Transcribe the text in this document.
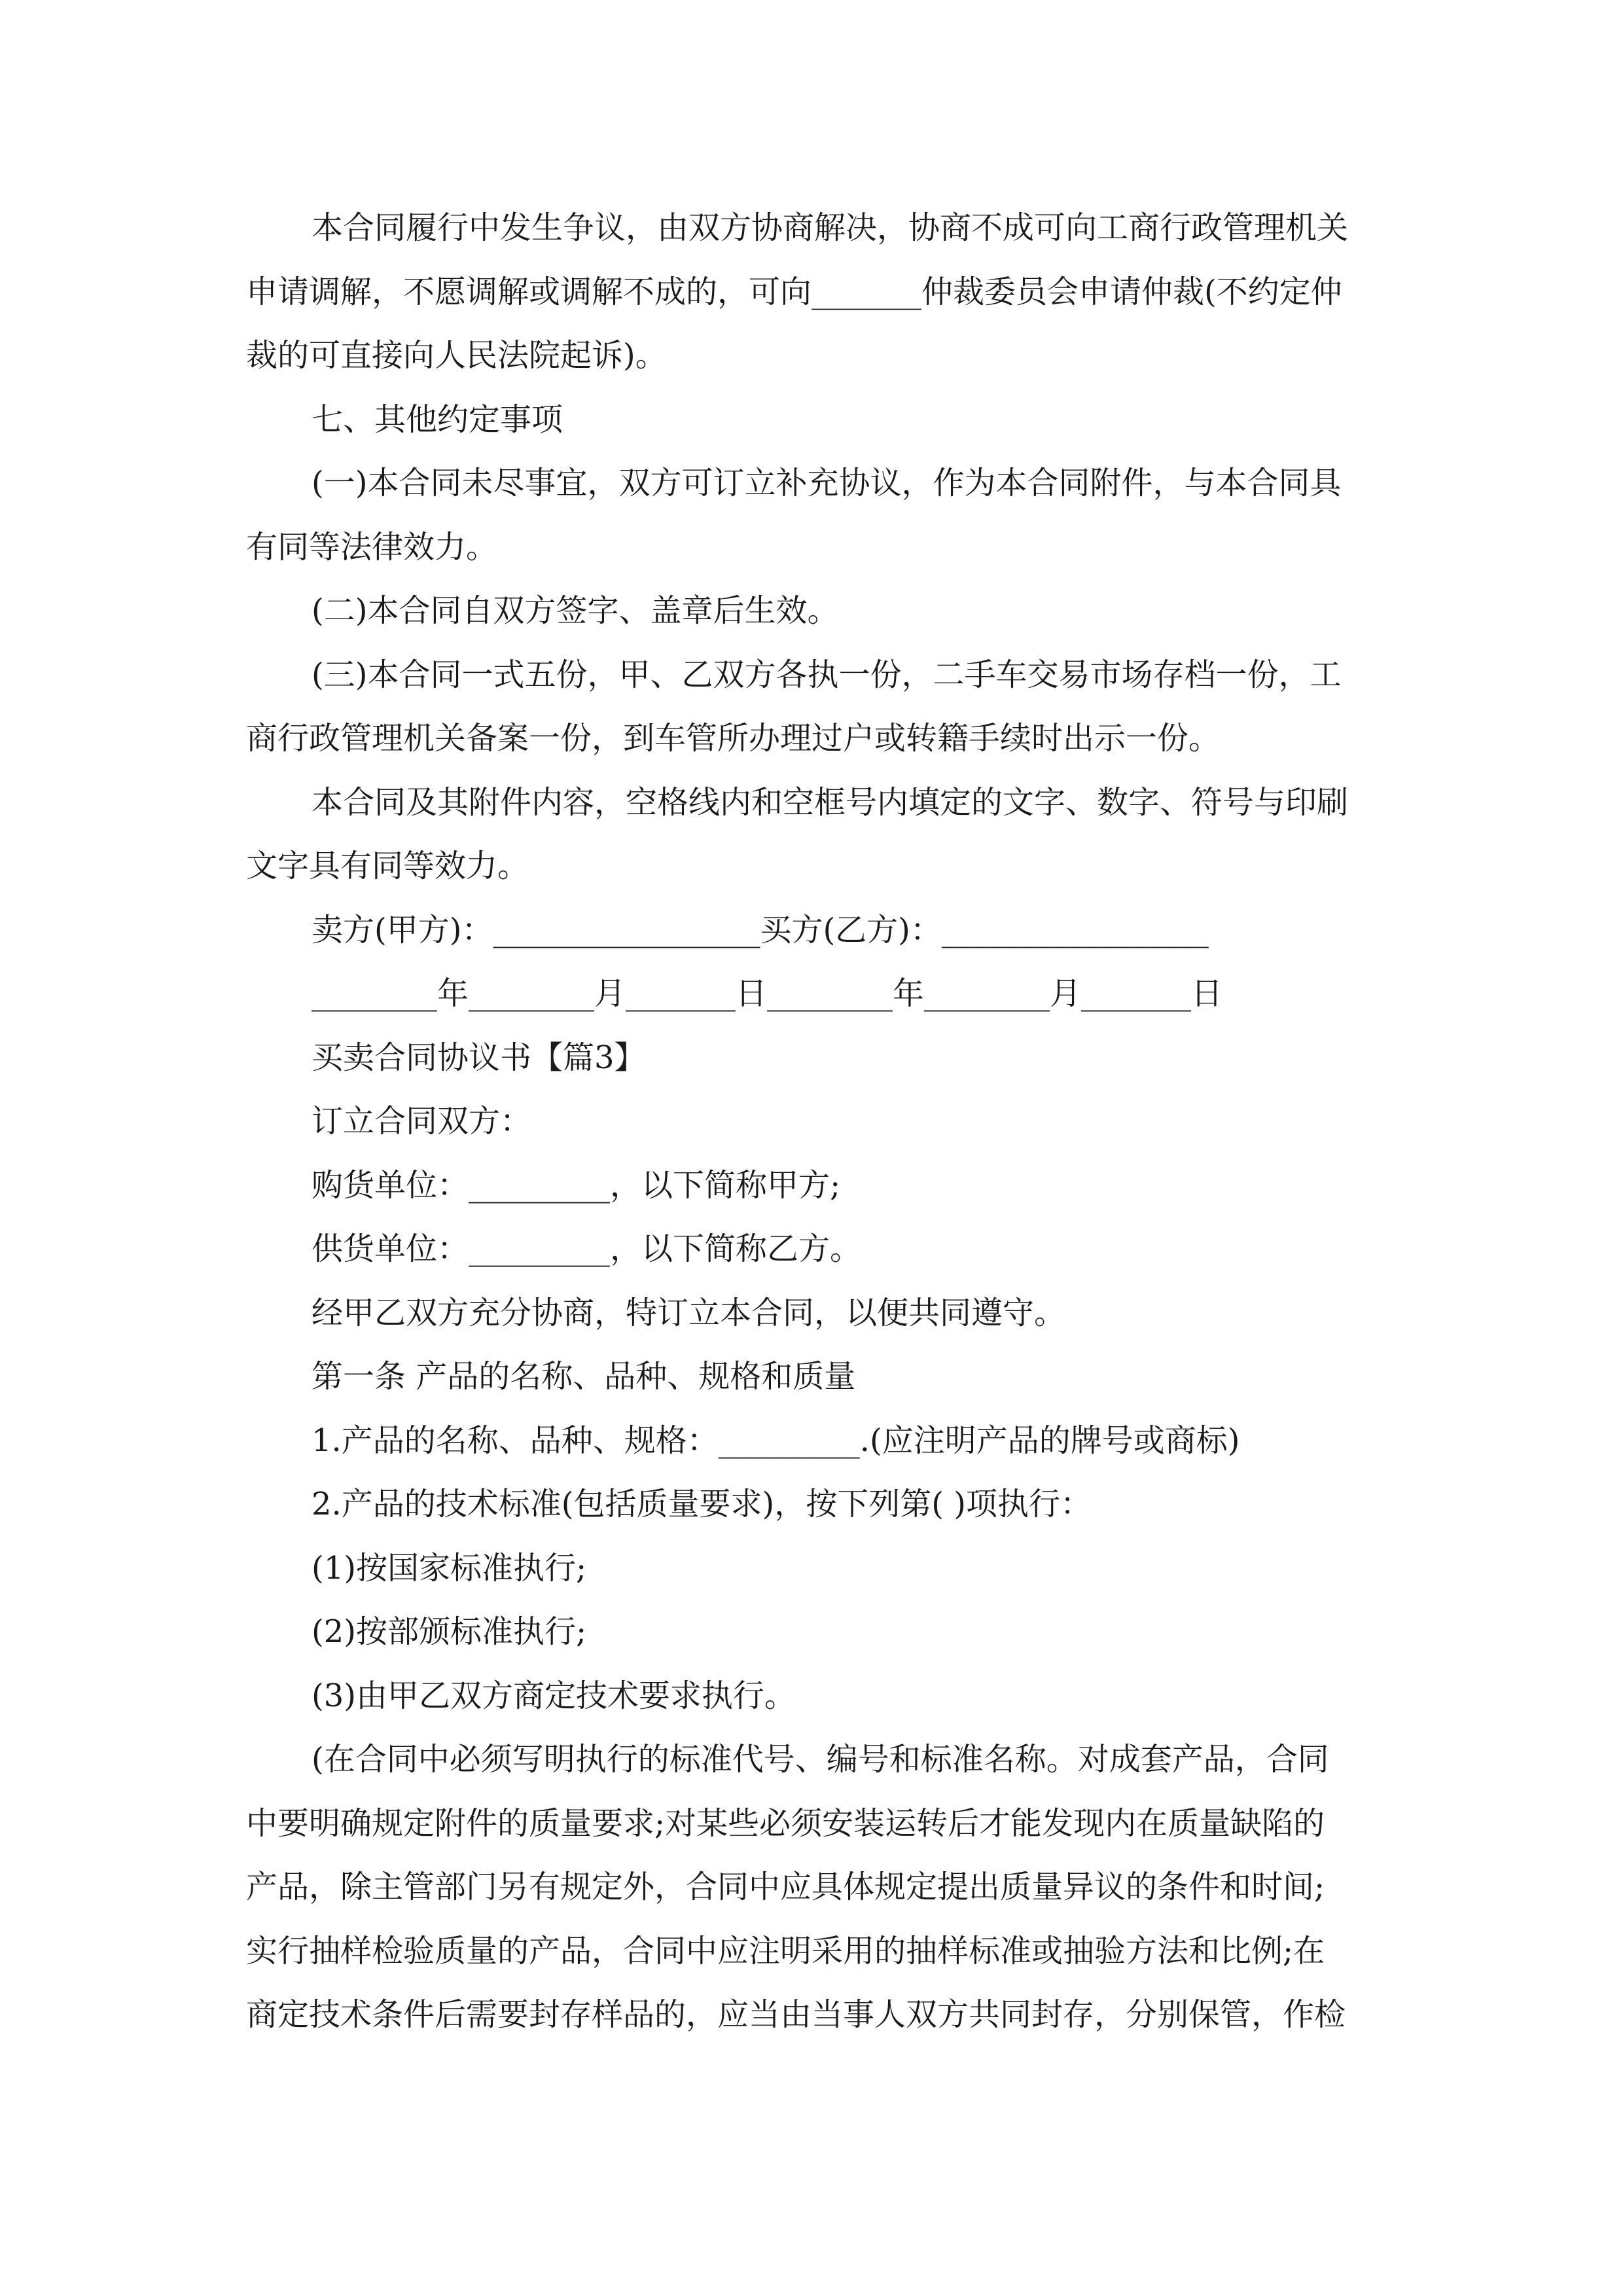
本合同履行中发生争议，由双方协商解决，协商不成可向工商行政管理机关
申请调解，不愿调解或调解不成的，可向_______仲裁委员会申请仲裁(不约定仲
裁的可直接向人民法院起诉)。
七、其他约定事项
(一)本合同未尽事宜，双方可订立补充协议，作为本合同附件，与本合同具
有同等法律效力。
(二)本合同自双方签字、盖章后生效。
(三)本合同一式五份，甲、乙双方各执一份，二手车交易市场存档一份，工
商行政管理机关备案一份，到车管所办理过户或转籍手续时出示一份。
本合同及其附件内容，空格线内和空框号内填定的文字、数字、符号与印刷
文字具有同等效力。
卖方(甲方)：_________________买方(乙方)：_________________
________年________月_______日________年________月_______日
买卖合同协议书【篇3】
订立合同双方：
购货单位：_________，以下简称甲方;
供货单位：_________，以下简称乙方。
经甲乙双方充分协商，特订立本合同，以便共同遵守。
第一条 产品的名称、品种、规格和质量
1.产品的名称、品种、规格：_________.(应注明产品的牌号或商标)
2.产品的技术标准(包括质量要求)，按下列第( )项执行：
(1)按国家标准执行;
(2)按部颁标准执行;
(3)由甲乙双方商定技术要求执行。
(在合同中必须写明执行的标准代号、编号和标准名称。对成套产品，合同
中要明确规定附件的质量要求;对某些必须安装运转后才能发现内在质量缺陷的
产品，除主管部门另有规定外，合同中应具体规定提出质量异议的条件和时间;
实行抽样检验质量的产品，合同中应注明采用的抽样标准或抽验方法和比例;在
商定技术条件后需要封存样品的，应当由当事人双方共同封存，分别保管，作检
